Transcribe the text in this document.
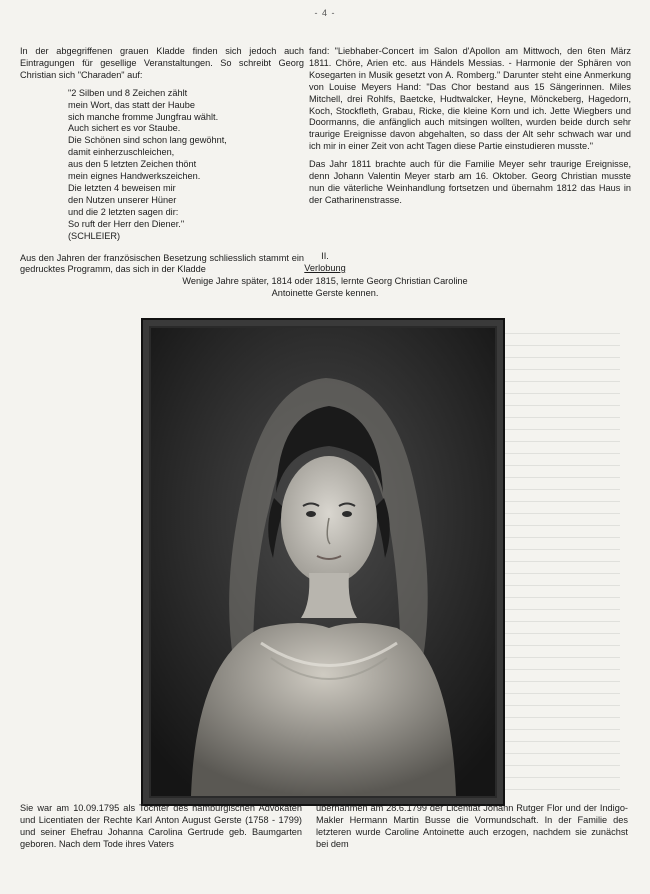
- 4 -

In der abgegriffenen grauen Kladde finden sich jedoch auch Eintragungen für gesellige Veranstaltungen. So schreibt Georg Christian sich "Charaden" auf:

"2 Silben und 8 Zeichen zählt
mein Wort, das statt der Haube
sich manche fromme Jungfrau wählt.
Auch sichert es vor Staube.
Die Schönen sind schon lang gewöhnt,
damit einherzuschleichen,
aus den 5 letzten Zeichen thönt
mein eignes Handwerkszeichen.
Die letzten 4 beweisen mir
den Nutzen unserer Hüner
und die 2 letzten sagen dir:
So ruft der Herr den Diener."
(SCHLEIER)

Aus den Jahren der französischen Besetzung schliesslich stammt ein gedrucktes Programm, das sich in der Kladde

fand: "Liebhaber-Concert im Salon d'Apollon am Mittwoch, den 6ten März 1811. Chöre, Arien etc. aus Händels Messias. - Harmonie der Sphären von Kosegarten in Musik gesetzt von A. Romberg." Darunter steht eine Anmerkung von Louise Meyers Hand: "Das Chor bestand aus 15 Sängerinnen. Miles Mitchell, drei Rohlfs, Baetcke, Hudtwalcker, Heyne, Mönckeberg, Hagedorn, Koch, Stockfleth, Grabau, Ricke, die kleine Korn und ich. Jette Wiegbers und Doormanns, die anfänglich auch mitsingen wollten, wurden beide durch sehr traurige Ereignisse davon abgehalten, so dass der Alt sehr schwach war und ich mir in einer Zeit von acht Tagen diese Partie einstudieren musste."

Das Jahr 1811 brachte auch für die Familie Meyer sehr traurige Ereignisse, denn Johann Valentin Meyer starb am 16. Oktober. Georg Christian musste nun die väterliche Weinhandlung fortsetzen und übernahm 1812 das Haus in der Catharinenstrasse.

II.
Verlobung
Wenige Jahre später, 1814 oder 1815, lernte Georg Christian Caroline Antoinette Gerste kennen.
Sie war am 10.09.1795 als Tochter des hamburgischen Advokaten und Licentiaten der Rechte Karl Anton August Gerste (1758 - 1799) und seiner Ehefrau Johanna Carolina Gertrude geb. Baumgarten geboren. Nach dem Tode ihres Vaters
übernahmen am 28.6.1799 der Licentiat Johann Rutger Flor und der Indigo-Makler Hermann Martin Busse die Vormundschaft. In der Familie des letzteren wurde Caroline Antoinette auch erzogen, nachdem sie zunächst bei dem
